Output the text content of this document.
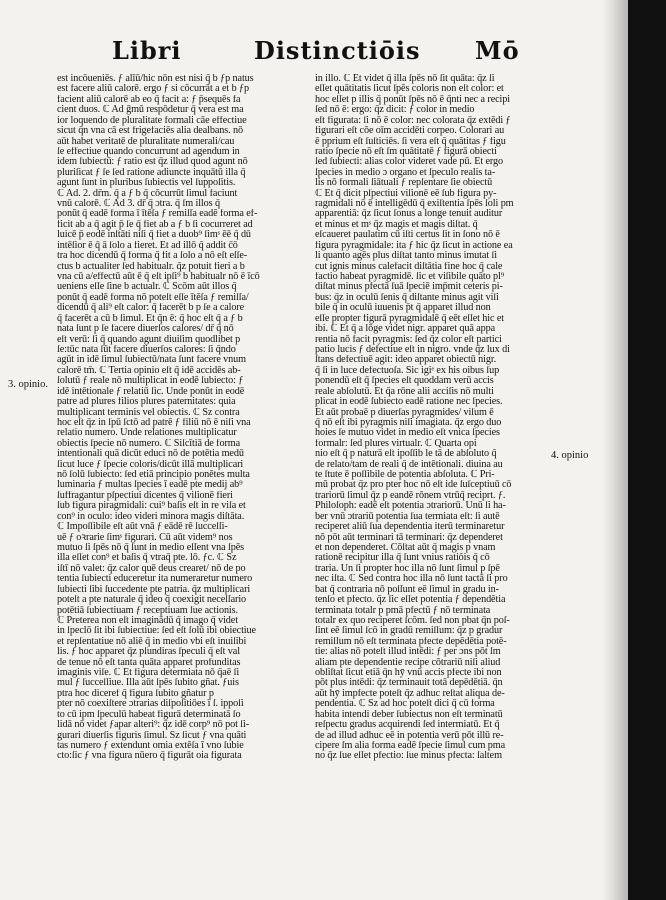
Libri	Distinctiōis Mō
3. opinio.
4. opinio
est incōueniēs. ƒ alīū/hic nōn est nisi q̄ b ƒp natus
est facere aliū calorē. ergo ƒ si cōcurrāt a et b ƒp
facient aliū calorē ab eo q̄ facit a: ƒ p̄sequēs fa
cient duos. ℂ Ad ḡmū respōdetur q̄ vera est ma
ior loquendo de pluralitate formali cāe effectiue
sicut q̄n vna cā est frigefaciēs alia dealbans. nō
aūt habet veritatē de pluralitate numerali/cau
ſe effectiue quando concurrunt ad agendum in
idem ſubiectū: ƒ ratio est q̄z illud quod agunt nō
pluriſicat ƒ ſe ſed ratione adiuncte inquātū illa q̄
agunt ſunt in pluribus ſubiectis vel ſuppoſitis.
ℂ Ad. 2. dr̄m. q̄ a ƒ b q̄ cōcurrūt ſimul faciunt
vnū calorē. ℂ Ad 3. dr̄ q̄ ɔtra. q̄ ſm illos q̄
ponūt q̄ eadē forma ī ītēſa ƒ remiſſa eadē forma ef-
ficit ab a q̄ agit p̄ ſe q̄ fiet ab a ƒ b ſi cocurreret ad
luicē p̄ eodē inſtāti niſi q̄ fiet a duob⁹ ſimˢ ēē q̄ dū
intēſior ē q̄ ā ſolo a fieret. Et ad illō q̄ addit c̄ō
tra hoc dicendū q̄ forma q̄ fit a ſolo a nō eſt eſſe-
ctus b actualiter ſed habitualr. q̄z potuit fieri a b
vna cū a/effectū aūt ē q̄ eſt ipſi⁹ b habitualr nō ē īcō
ueniens eſſe ſine b actualr. ℂ Scōm aūt illos q̄
ponūt q̄ eadē forma nō poteſt eſſe ītēſa ƒ remiſſa/
dicendū q̄ ali⁹ eſt calor: q̄ facerēt b p ſe a calore
q̄ facerēt a cū b ſimul. Et q̄n ē: q̄ hoc eſt q̄ a ƒ b
nata ſunt p ſe facere diuerſos calores/ dr̄ q̄ nō
eſt verū: ſi q̄ quando agunt diuiſim quodlibet p
ſe:tūc nata ſūt facere diuerſos calores: ſi q̄ndo
agūt in idē ſimul ſubiectū/nata ſunt facere vnum
calorē tm̄. ℂ Tertia opinio eſt q̄ idē accidēs ab-
ſolutū ƒ reale nō multiplicat in eodē ſubiecto: ƒ
idē intētionale ƒ relatiū ſic. Unde ponūt in eodē
patre ad plures filios plures paternitates: quia
multiplicant terminis vel obiectis. ℂ Sz contra
hoc eſt q̄z in ſpū ſctō ad patrē ƒ filiū nō ē niſi vna
relatio numero. Unde relationes multiplicatur
obiectis ſpecie nō numero. ℂ Siſcītiā de forma
intentionali quā dicūt educi nō de potētia medū
ſicut luce ƒ ſpecie coloris/dicūt illā multiplicari
nō ſolū ſubiecto: ſed etiā principio ponētes multa
luminaria ƒ multas ſpecies ī eadē pte medij ab⁹
ſuffragantur pſpectiui dicentes q̄ viſionē fieri
ſub figura piragmidali: cui⁹ baſis eſt in re viſa et
con⁹ in oculo: ideo videri minora magis diſtāta.
ℂ Impoſſibile eſt aūt vnā ƒ eādē rē ſucceſſi-
uē ƒ oꝛrarie ſimˢ figurari. Cū aūt videm⁹ nos
mutuo ſi ſpēs nō q̄ ſunt in medio eſſent vna ſpēs
illa eſſet con⁹ et baſis q̄ vtraq̄ pte. lō. ƒc. ℂ Sz
iſtī nō valet: q̄z calor quē deus crearet/ nō de po
tentia ſubiecti educeretur ita numeraretur numero
ſubiecti ſibi ſuccedente pte patria. q̄z multiplicari
poteſt a pte naturale q̄ ideo q̄ coexigit neceſſario
potētiā ſubiectiuam ƒ receptiuam ſue actionis.
ℂ Preterea non eſt imaginādū q̄ imago q̄ videt
in ſpeclō ſit ibi ſubiectiue: ſed eſt ſolū ibi obiectiue
et repſentatiue nō aliē q̄ in medio vbi eſt inuiſibi
lis. ƒ hoc apparet q̄z pſundiras ſpeculi q̄ eſt val
de tenue nō eſt tanta quāta apparet profunditas
imaginis viſe. ℂ Et figura determiata nō q̄aē ſi
mul ƒ ſucceſſiue. Illa aūt ſpēs ſubito gñat. ƒuis
ptra hoc diceref q̄ figura ſubito gñatur p
pter nō coexiſtere ɔtrarias diſpoſitiōes ī ſ. ippoſi
to cū ipm ſpeculū habeat figurā determinatā ſo
lidā nō videt ƒapar alteri⁹: q̄z idē corp⁹ nō pot ſi-
gurari diuerſis figuris ſimul. Sz ſicut ƒ vna quāti
tas numero ƒ extendunt omia extēſa ī vno ſubie
cto:ſic ƒ vna figura nūero q̄ figurāt oia figurata
in illo. ℂ Et videt q̄ illa ſpēs nō ſit quāta: q̄z ſi
eſſet quātitatis ſicut ſpēs coloris non eſt color: et
hoc eſſet p illis q̄ ponūt ſpēs nō ē q̄nti nec a recipi
ſed nō ē: ergo: q̄z dicit: ƒ color in medio
eſt figurata: ſi nō ē color: nec colorata q̄z extēdi ƒ
figurari eſt cōe oīm accidēti corpeo. Colorari au
ē pprium eſt ſuſticiēs. ſi vera eſt q̄ quātitas ƒ figu
ratio ſpecie nō eſt ſm quātitatē ƒ figurā obiecti
ſed ſubiecti: alias color videret vade pū. Et ergo
ſpecies in medio ɔ organo et ſpeculo realis ta-
lis nō formali ſiātuali ƒ repſentare ſie obiectū
ℂ Et q̄ dicit pſpectiui viſionē eē ſub figura py-
ragmidali nō ē intelligēdū q̄ exiſtentia ſpēs ſoli pm
apparentiā: q̄z ſicut ſonus a longe tenuit auditur
et minus et mˢ q̄z magis et magis diſtat. q̄
eſcaueret paulatim cū iſti certus ſit in ſono nō ē
figura pyragmidale: ita ƒ hic q̄z ſicut in actione ea
li quanto agēs plus diſtat tanto minus imutat ſi
cut ignis minus calefacit diſtātia fine hoc q̄ cale
factio habeat pyragmidē. ſic et viſibile quāto pl⁹
diſtat minus pfectā ſuā ſpeciē imp̄mit ceteris pi-
bus: q̄z in oculū ſenis q̄ diſtante minus agit viſi
bile q̄ in oculū iuuenis p̄t q̄ apparet illud non
eſſe propter figurā pyragmidalē q̄ eēt eſſet hic et
ibi. ℂ Et q̄ a lōge videt nigr. apparet quā appa
rentia nō facit pyragmis: ſed q̄z color eſt partici
patio lucis ƒ defectiue eſt in nigro. vnde q̄z lux di
ſtans defectiuē agit: ideo apparet obiectū nigr.
q̄ ſi in luce defectuoſa. Sic igiᵉ ex his oibus ſup
ponendū eſt q̄ ſpecies eſt quoddam verū accis
reale abſolutū. Et q̄a rōne alii acciſis nō multi
plicat in eodē ſubiecto eadē ratione nec ſpecies.
Et aūt probaē p diuerſas pyragmides/ viſum ē
q̄ nō eſt ibi pyragmis niſi imagiata. q̄z ergo duo
hoies ſe mutuo videt in medio eſt vnica ſpecies
formalr: ſed plures virtualr. ℂ Quarta opi
nio eſt q̄ p naturā eſt ipoſſib le tā de abſoluto q̄
de relato/tam de reali q̄ de intētionali. diuina au
te ſtute ē poſſibile de potentia abſoluta. ℂ Pri-
mū probat q̄z pro pter hoc nō eſt ide ſuſceptiuū cō
trariorū ſimul q̄z p eandē rōnem vtrūq̄ reciprt. ƒ.
Philoſoph: eadē eſt potentia ɔtrariorū. Unū ſi ha-
ber vnū ɔtrariū potentia ſua termiata eſt: ſi autē
reciperet aliū ſua dependentia iterū terminaretur
nō pōt aūt terminari tā terminari: q̄z dependeret
et non dependeret. Cōſtat aūt q̄ magis p vnam
rationē recipitur illa q̄ ſunt vnius ratiōis q̄ cō
traria. Un ſi propter hoc illa nō ſunt ſimul p ſpē
nec iſta. ℂ Sed contra hoc illa nō ſunt tactā ſi pro
bat q̄ contraria nō poſſunt eē ſimul in gradu in-
tenſo et pfecto. q̄z ſic eſſet potentia ƒ dependētia
terminata totalr p pmā pfectū ƒ nō terminata
totalr ex quo reciperet ſcōm. ſed non pbat q̄n poſ-
ſint eē ſimul ſcō in gradū remiſſum: q̄z p gradur
remiſſum nō eſt terminata pfecte depēdētia potē-
tie: alias nō poteſt illud intēdi: ƒ per ɔns pōt ſm
aliam pte dependentie recipe cōtrariū niſi aliud
obſiſtat ſicut etiā q̄n hȳ vnū accis pfecte ibi non
pōt plus intēdi: q̄z terminauit totā depēdētiā. q̄n
aūt hȳ impfecte poteſt q̄z adhuc reſtat aliqua de-
pendentia. ℂ Sz ad hoc poteſt dici q̄ cū forma
habita intendi deber ſubiectus non eſt terminatū
reſpectu gradus acquirendi ſed intermiatū. Et q̄
de ad illud adhuc eē in potentia verū pōt illū re-
cipere ſm alia forma eadē ſpecie ſimul cum pma
no q̄z ſue eſſet pfectio: ſue minus pfecta: ſaltem
